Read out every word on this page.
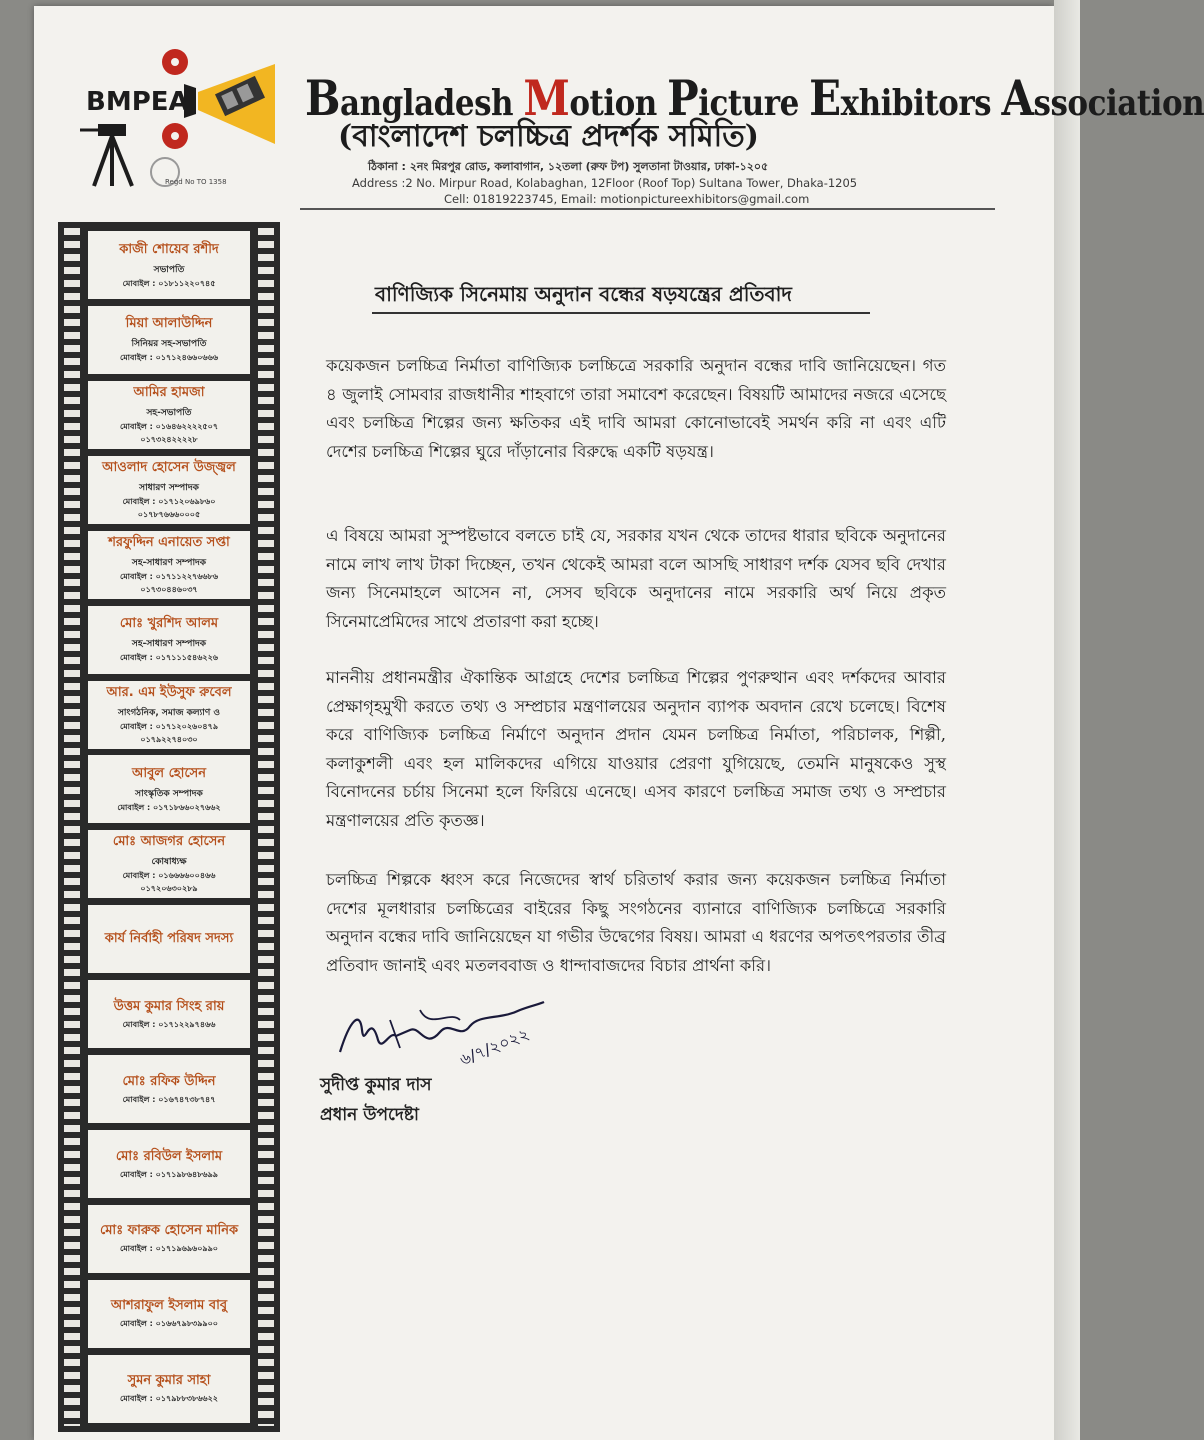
BMPEA
Regd No TO 1358
Bangladesh Motion Picture Exhibitors Association
(বাংলাদেশ চলচ্চিত্র প্রদর্শক সমিতি)
ঠিকানা : ২নং মিরপুর রোড, কলাবাগান, ১২তলা (রুফ টপ) সুলতানা টাওয়ার, ঢাকা-১২০৫
Address :2 No. Mirpur Road, Kolabaghan, 12Floor (Roof Top) Sultana Tower, Dhaka-1205
Cell: 01819223745, Email: motionpictureexhibitors@gmail.com
কাজী শোয়েব রশীদ
সভাপতি
মোবাইল : ০১৮১১২২০৭৪৫
মিয়া আলাউদ্দিন
সিনিয়র সহ-সভাপতি
মোবাইল : ০১৭১২৪৬৬০৬৬৬
আমির হামজা
সহ-সভাপতি
মোবাইল : ০১৬৪৬২২২২৫০৭
০১৭৩২৪২২২২৮
আওলাদ হোসেন উজ্জ্বল
সাধারণ সম্পাদক
মোবাইল : ০১৭১২০৬৯৮৬০
০১৭৮৭৬৬৬০০০৫
শরফুদ্দিন এনায়েত সপ্তা
সহ-সাধারণ সম্পাদক
মোবাইল : ০১৭১১২২৭৬৬৮৬
০১৭৩০৪৪৬০৩৭
মোঃ খুরশিদ আলম
সহ-সাধারণ সম্পাদক
মোবাইল : ০১৭১১১৫৪৬২২৬
আর. এম ইউসুফ রুবেল
সাংগঠনিক, সমাজ কল্যাণ ও
মোবাইল : ০১৭১২০২৬০৪৭৯
০১৭৯২২৭৪০৩০
আবুল হোসেন
সাংস্কৃতিক সম্পাদক
মোবাইল : ০১৭১৮৬৬০২৭৬৬২
মোঃ আজগর হোসেন
কোষাধ্যক্ষ
মোবাইল : ০১৬৬৬৬০০৪৬৬
০১৭২০৬৩০২৮৯
কার্য নির্বাহী পরিষদ সদস্য
উত্তম কুমার সিংহ রায়
মোবাইল : ০১৭১২২৯৭৪৬৬
মোঃ রফিক উদ্দিন
মোবাইল : ০১৬৭৪৭৩৮৭৪৭
মোঃ রবিউল ইসলাম
মোবাইল : ০১৭১৯৮৬৪৮৬৯৯
মোঃ ফারুক হোসেন মানিক
মোবাইল : ০১৭১৯৬৯৬০৯৯০
আশরাফুল ইসলাম বাবু
মোবাইল : ০১৬৬৭৯৮৩৯৯০০
সুমন কুমার সাহা
মোবাইল : ০১৭৯৮৮৩৮৬৬২২
বাণিজ্যিক সিনেমায় অনুদান বন্ধের ষড়যন্ত্রের প্রতিবাদ
কয়েকজন চলচ্চিত্র নির্মাতা বাণিজ্যিক চলচ্চিত্রে সরকারি অনুদান বন্ধের দাবি জানিয়েছেন। গত ৪ জুলাই সোমবার রাজধানীর শাহবাগে তারা সমাবেশ করেছেন। বিষয়টি আমাদের নজরে এসেছে এবং চলচ্চিত্র শিল্পের জন্য ক্ষতিকর এই দাবি আমরা কোনোভাবেই সমর্থন করি না এবং এটি দেশের চলচ্চিত্র শিল্পের ঘুরে দাঁড়ানোর বিরুদ্ধে একটি ষড়যন্ত্র।
এ বিষয়ে আমরা সুস্পষ্টভাবে বলতে চাই যে, সরকার যখন থেকে তাদের ধারার ছবিকে অনুদানের নামে লাখ লাখ টাকা দিচ্ছেন, তখন থেকেই আমরা বলে আসছি সাধারণ দর্শক যেসব ছবি দেখার জন্য সিনেমাহলে আসেন না, সেসব ছবিকে অনুদানের নামে সরকারি অর্থ নিয়ে প্রকৃত সিনেমাপ্রেমিদের সাথে প্রতারণা করা হচ্ছে।
মাননীয় প্রধানমন্ত্রীর ঐকান্তিক আগ্রহে দেশের চলচ্চিত্র শিল্পের পুণরুত্থান এবং দর্শকদের আবার প্রেক্ষাগৃহমুখী করতে তথ্য ও সম্প্রচার মন্ত্রণালয়ের অনুদান ব্যাপক অবদান রেখে চলেছে। বিশেষ করে বাণিজ্যিক চলচ্চিত্র নির্মাণে অনুদান প্রদান যেমন চলচ্চিত্র নির্মাতা, পরিচালক, শিল্পী, কলাকুশলী এবং হল মালিকদের এগিয়ে যাওয়ার প্রেরণা যুগিয়েছে, তেমনি মানুষকেও সুস্থ বিনোদনের চর্চায় সিনেমা হলে ফিরিয়ে এনেছে। এসব কারণে চলচ্চিত্র সমাজ তথ্য ও সম্প্রচার মন্ত্রণালয়ের প্রতি কৃতজ্ঞ।
চলচ্চিত্র শিল্পকে ধ্বংস করে নিজেদের স্বার্থ চরিতার্থ করার জন্য কয়েকজন চলচ্চিত্র নির্মাতা দেশের মূলধারার চলচ্চিত্রের বাইরের কিছু সংগঠনের ব্যানারে বাণিজ্যিক চলচ্চিত্রে সরকারি অনুদান বন্ধের দাবি জানিয়েছেন যা গভীর উদ্বেগের বিষয়। আমরা এ ধরণের অপতৎপরতার তীব্র প্রতিবাদ জানাই এবং মতলববাজ ও ধান্দাবাজদের বিচার প্রার্থনা করি।
৬/৭/২০২২
সুদীপ্ত কুমার দাস
প্রধান উপদেষ্টা
